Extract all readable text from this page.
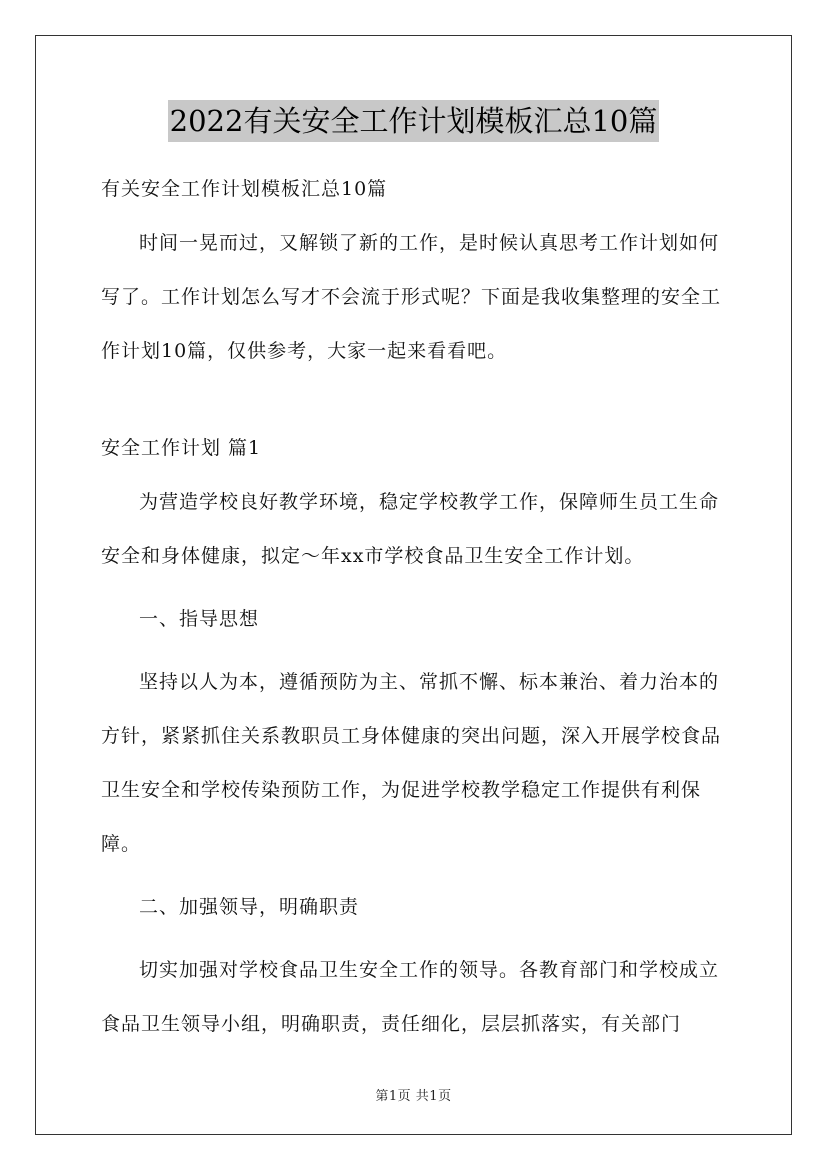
2022有关安全工作计划模板汇总10篇
有关安全工作计划模板汇总10篇

时间一晃而过，又解锁了新的工作，是时候认真思考工作计划如何写了。工作计划怎么写才不会流于形式呢？下面是我收集整理的安全工作计划10篇，仅供参考，大家一起来看看吧。

安全工作计划 篇1

为营造学校良好教学环境，稳定学校教学工作，保障师生员工生命安全和身体健康，拟定～年xx市学校食品卫生安全工作计划。

一、指导思想

坚持以人为本，遵循预防为主、常抓不懈、标本兼治、着力治本的方针，紧紧抓住关系教职员工身体健康的突出问题，深入开展学校食品卫生安全和学校传染预防工作，为促进学校教学稳定工作提供有利保障。

二、加强领导，明确职责

切实加强对学校食品卫生安全工作的领导。各教育部门和学校成立食品卫生领导小组，明确职责，责任细化，层层抓落实，有关部门

第1页 共1页
